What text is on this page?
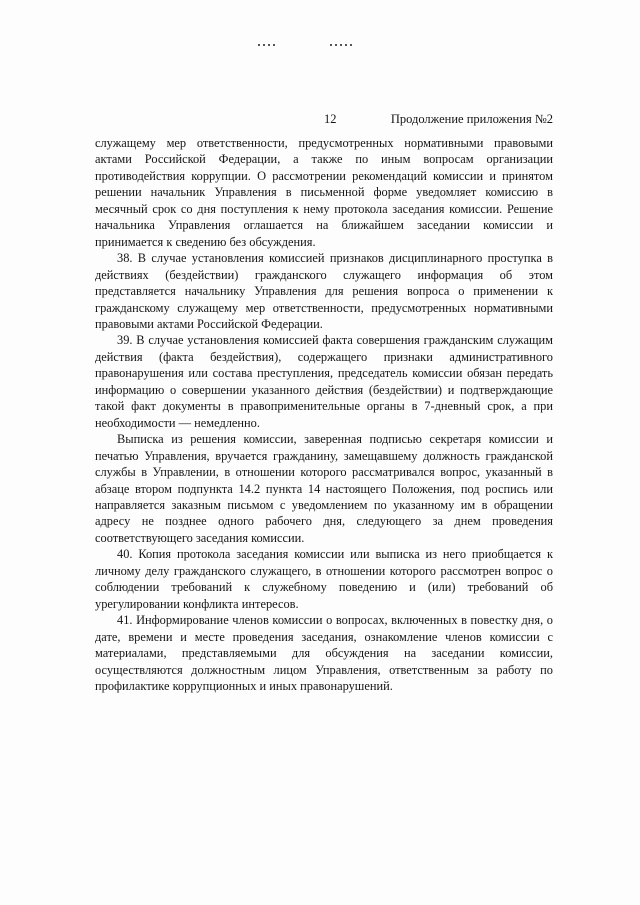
12	Продолжение приложения №2

служащему мер ответственности, предусмотренных нормативными правовыми актами Российской Федерации, а также по иным вопросам организации противодействия коррупции. О рассмотрении рекомендаций комиссии и принятом решении начальник Управления в письменной форме уведомляет комиссию в месячный срок со дня поступления к нему протокола заседания комиссии. Решение начальника Управления оглашается на ближайшем заседании комиссии и принимается к сведению без обсуждения.

38. В случае установления комиссией признаков дисциплинарного проступка в действиях (бездействии) гражданского служащего информация об этом представляется начальнику Управления для решения вопроса о применении к гражданскому служащему мер ответственности, предусмотренных нормативными правовыми актами Российской Федерации.

39. В случае установления комиссией факта совершения гражданским служащим действия (факта бездействия), содержащего признаки административного правонарушения или состава преступления, председатель комиссии обязан передать информацию о совершении указанного действия (бездействии) и подтверждающие такой факт документы в правоприменительные органы в 7-дневный срок, а при необходимости — немедленно.

Выписка из решения комиссии, заверенная подписью секретаря комиссии и печатью Управления, вручается гражданину, замещавшему должность гражданской службы в Управлении, в отношении которого рассматривался вопрос, указанный в абзаце втором подпункта 14.2 пункта 14 настоящего Положения, под роспись или направляется заказным письмом с уведомлением по указанному им в обращении адресу не позднее одного рабочего дня, следующего за днем проведения соответствующего заседания комиссии.

40. Копия протокола заседания комиссии или выписка из него приобщается к личному делу гражданского служащего, в отношении которого рассмотрен вопрос о соблюдении требований к служебному поведению и (или) требований об урегулировании конфликта интересов.

41. Информирование членов комиссии о вопросах, включенных в повестку дня, о дате, времени и месте проведения заседания, ознакомление членов комиссии с материалами, представляемыми для обсуждения на заседании комиссии, осуществляются должностным лицом Управления, ответственным за работу по профилактике коррупционных и иных правонарушений.
